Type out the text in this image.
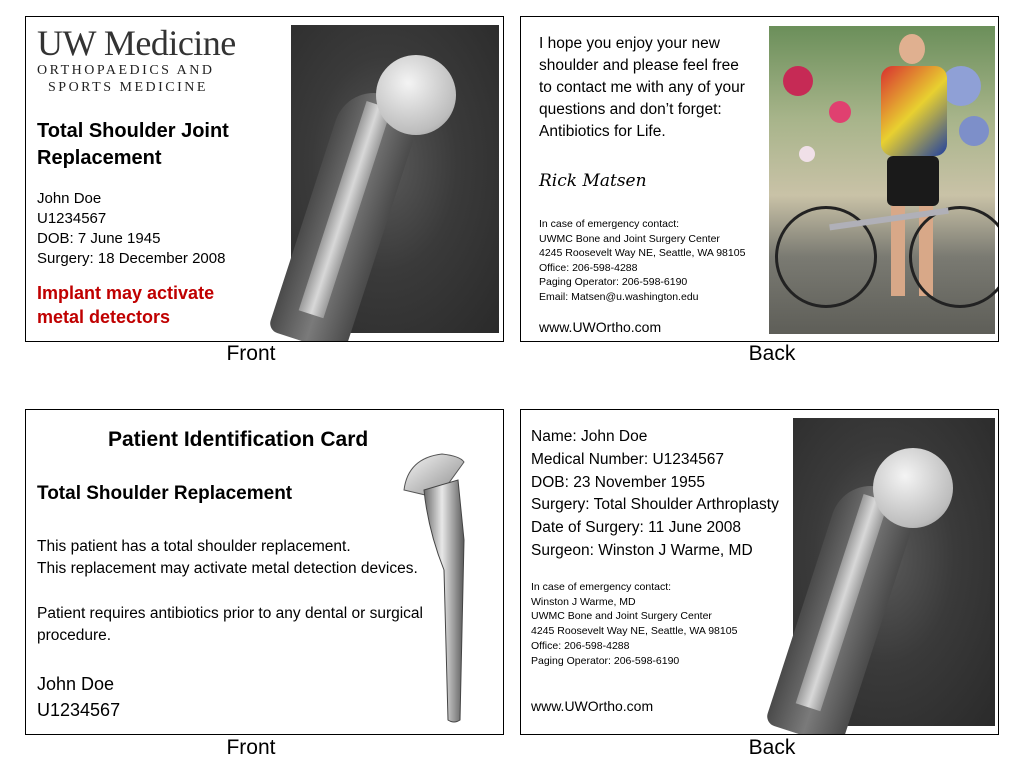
UW Medicine
ORTHOPAEDICS AND
SPORTS MEDICINE
Total Shoulder Joint
Replacement
John Doe
U1234567
DOB: 7 June 1945
Surgery: 18 December 2008
Implant may activate
metal detectors
Front
I hope you enjoy your new
shoulder and please feel free
to contact me with any of your
questions and don’t forget:
Antibiotics for Life.
Rick Matsen
In case of emergency contact:
UWMC Bone and Joint Surgery Center
4245 Roosevelt Way NE, Seattle, WA 98105
Office: 206-598-4288
Paging Operator: 206-598-6190
Email: Matsen@u.washington.edu
www.UWOrtho.com
Back
Patient Identification Card
Total Shoulder Replacement
This patient has a total shoulder replacement.
This replacement may activate metal detection devices.
Patient requires antibiotics prior to any dental or surgical
procedure.
John Doe
U1234567
Front
Name: John Doe
Medical Number: U1234567
DOB: 23 November 1955
Surgery: Total Shoulder Arthroplasty
Date of Surgery: 11 June 2008
Surgeon: Winston J Warme, MD
In case of emergency contact:
Winston J Warme, MD
UWMC Bone and Joint Surgery Center
4245 Roosevelt Way NE, Seattle, WA 98105
Office: 206-598-4288
Paging Operator: 206-598-6190
www.UWOrtho.com
Back
